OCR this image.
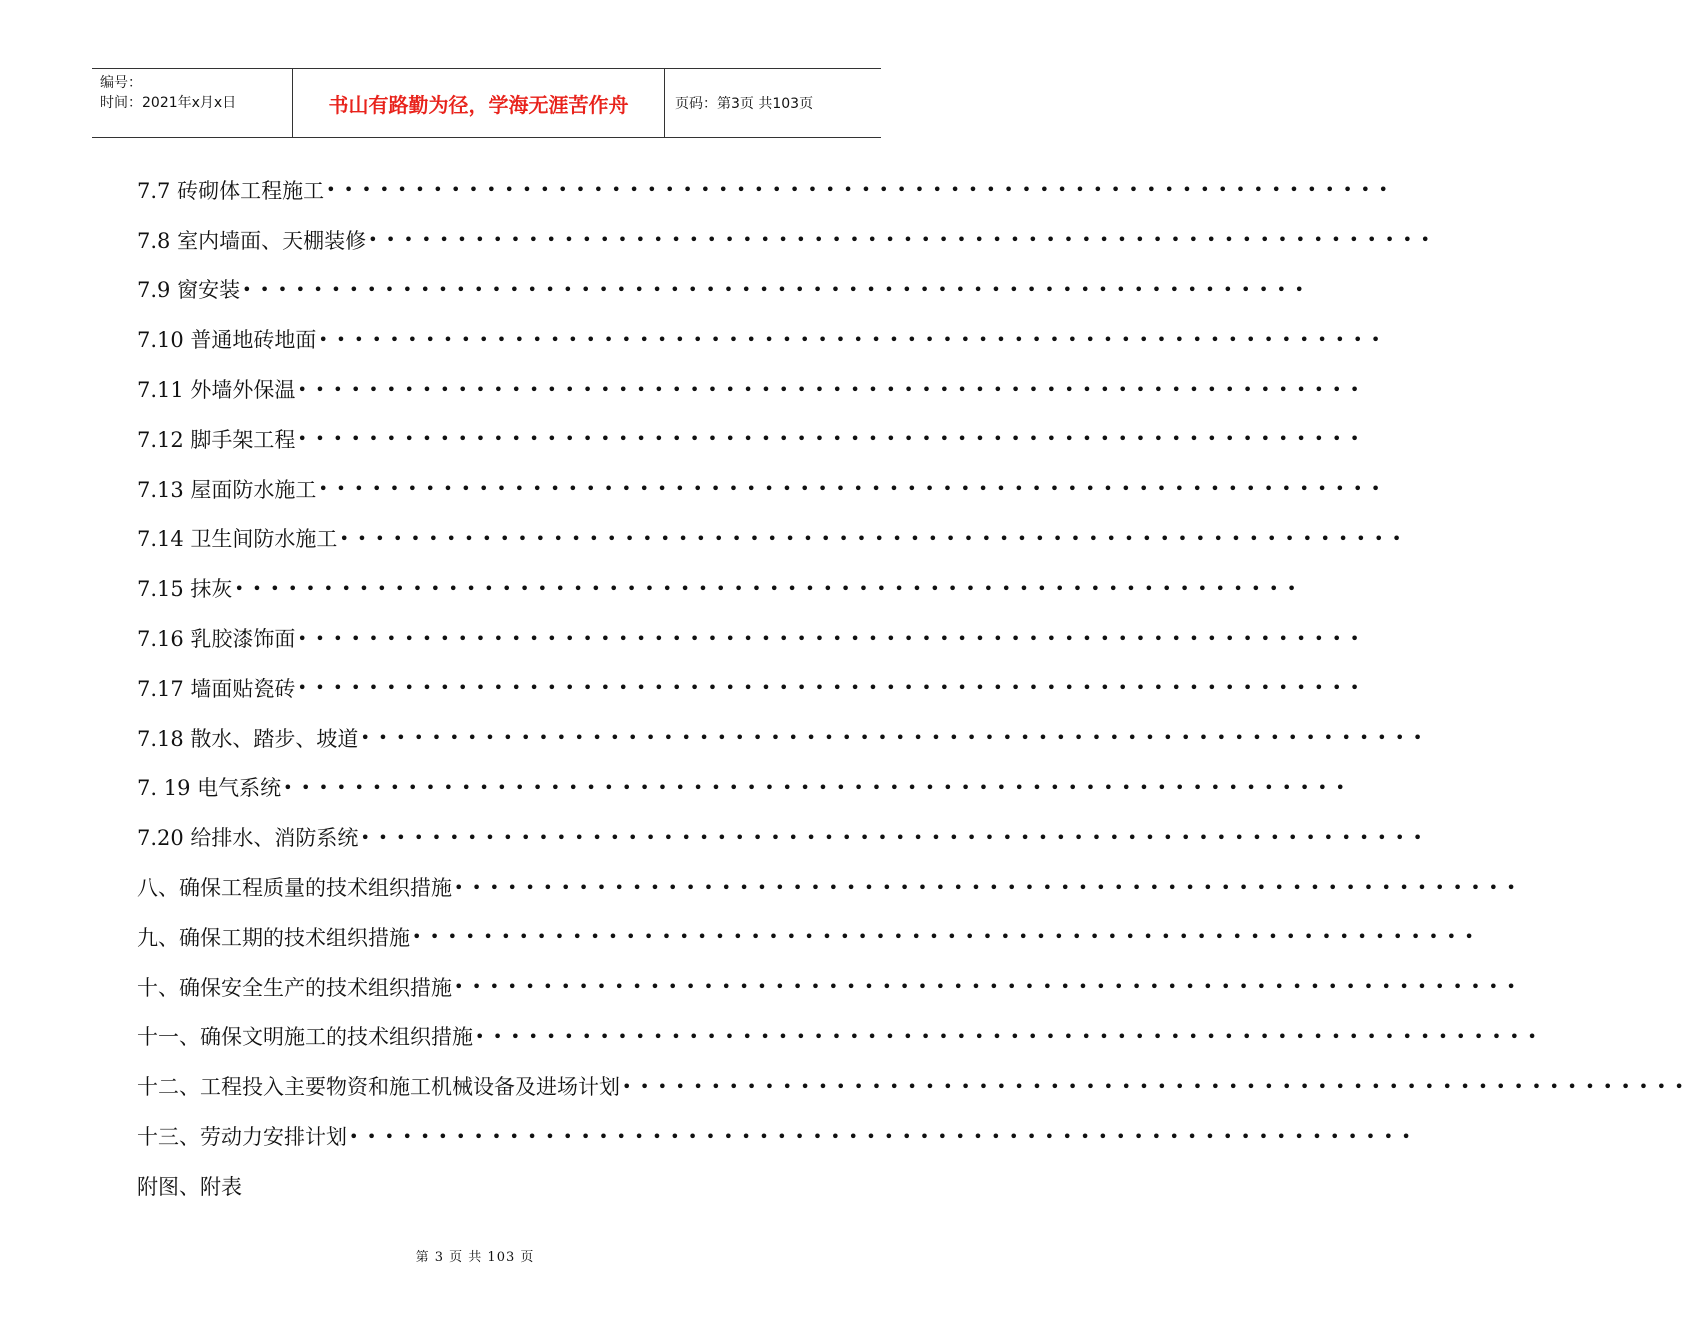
编号：
时间：2021年x月x日	书山有路勤为径，学海无涯苦作舟	页码：第3页 共103页
7.7 砖砌体工程施工 ••••••••••••••••••••••••••••••••••••••••••••••••••••••••••••
7.8 室内墙面、天棚装修 ••••••••••••••••••••••••••••••••••••••••••••••••••••••••••••
7.9 窗安装 ••••••••••••••••••••••••••••••••••••••••••••••••••••••••••••
7.10 普通地砖地面 ••••••••••••••••••••••••••••••••••••••••••••••••••••••••••••
7.11 外墙外保温 ••••••••••••••••••••••••••••••••••••••••••••••••••••••••••••
7.12 脚手架工程 ••••••••••••••••••••••••••••••••••••••••••••••••••••••••••••
7.13 屋面防水施工 ••••••••••••••••••••••••••••••••••••••••••••••••••••••••••••
7.14 卫生间防水施工 ••••••••••••••••••••••••••••••••••••••••••••••••••••••••••••
7.15 抹灰 ••••••••••••••••••••••••••••••••••••••••••••••••••••••••••••
7.16 乳胶漆饰面 ••••••••••••••••••••••••••••••••••••••••••••••••••••••••••••
7.17 墙面贴瓷砖 ••••••••••••••••••••••••••••••••••••••••••••••••••••••••••••
7.18 散水、踏步、坡道 ••••••••••••••••••••••••••••••••••••••••••••••••••••••••••••
7. 19 电气系统 ••••••••••••••••••••••••••••••••••••••••••••••••••••••••••••
7.20 给排水、消防系统 ••••••••••••••••••••••••••••••••••••••••••••••••••••••••••••
八、确保工程质量的技术组织措施 ••••••••••••••••••••••••••••••••••••••••••••••••••••••••••••
九、确保工期的技术组织措施 ••••••••••••••••••••••••••••••••••••••••••••••••••••••••••••
十、确保安全生产的技术组织措施 ••••••••••••••••••••••••••••••••••••••••••••••••••••••••••••
十一、确保文明施工的技术组织措施 ••••••••••••••••••••••••••••••••••••••••••••••••••••••••••••
十二、工程投入主要物资和施工机械设备及进场计划 ••••••••••••••••••••••••••••••••••••••••••••••••••••••••••••
十三、劳动力安排计划 ••••••••••••••••••••••••••••••••••••••••••••••••••••••••••••
附图、附表
第 3 页 共 103 页
